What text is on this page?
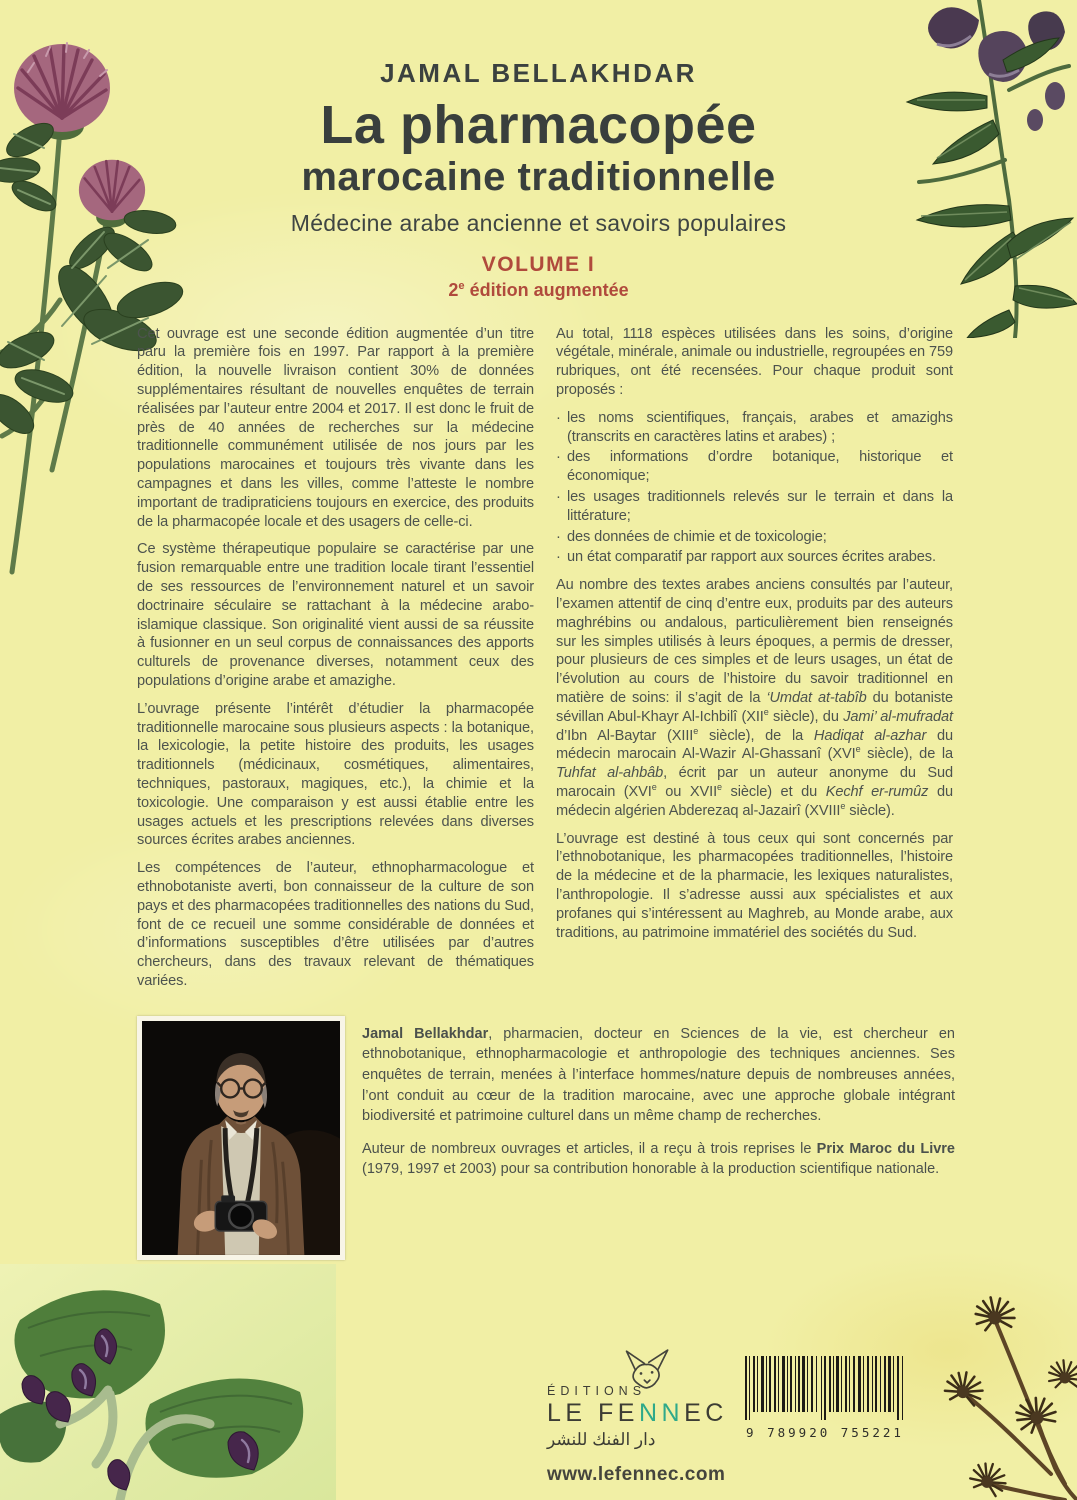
JAMAL BELLAKHDAR
La pharmacopée
marocaine traditionnelle
Médecine arabe ancienne et savoirs populaires
VOLUME I
2e édition augmentée

Cet ouvrage est une seconde édition augmentée d’un titre paru la première fois en 1997. Par rapport à la première édition, la nouvelle livraison contient 30% de données supplémentaires résultant de nouvelles enquêtes de terrain réalisées par l’auteur entre 2004 et 2017. Il est donc le fruit de près de 40 années de recherches sur la médecine traditionnelle communément utilisée de nos jours par les populations marocaines et toujours très vivante dans les campagnes et dans les villes, comme l’atteste le nombre important de tradipraticiens toujours en exercice, des produits de la pharmacopée locale et des usagers de celle-ci.

Ce système thérapeutique populaire se caractérise par une fusion remarquable entre une tradition locale tirant l’essentiel de ses ressources de l’environnement naturel et un savoir doctrinaire séculaire se rattachant à la médecine arabo-islamique classique. Son originalité vient aussi de sa réussite à fusionner en un seul corpus de connaissances des apports culturels de provenance diverses, notamment ceux des populations d’origine arabe et amazighe.

L’ouvrage présente l’intérêt d’étudier la pharmacopée traditionnelle marocaine sous plusieurs aspects : la botanique, la lexicologie, la petite histoire des produits, les usages traditionnels (médicinaux, cosmétiques, alimentaires, techniques, pastoraux, magiques, etc.), la chimie et la toxicologie. Une comparaison y est aussi établie entre les usages actuels et les prescriptions relevées dans diverses sources écrites arabes anciennes.

Les compétences de l’auteur, ethnopharmacologue et ethnobotaniste averti, bon connaisseur de la culture de son pays et des pharmacopées traditionnelles des nations du Sud, font de ce recueil une somme considérable de données et d’informations susceptibles d’être utilisées par d’autres chercheurs, dans des travaux relevant de thématiques variées.

Au total, 1118 espèces utilisées dans les soins, d’origine végétale, minérale, animale ou industrielle, regroupées en 759 rubriques, ont été recensées. Pour chaque produit sont proposés :

· les noms scientifiques, français, arabes et amazighs (transcrits en caractères latins et arabes) ;
· des informations d’ordre botanique, historique et économique;
· les usages traditionnels relevés sur le terrain et dans la littérature;
· des données de chimie et de toxicologie;
· un état comparatif par rapport aux sources écrites arabes.

Au nombre des textes arabes anciens consultés par l’auteur, l’examen attentif de cinq d’entre eux, produits par des auteurs maghrébins ou andalous, particulièrement bien renseignés sur les simples utilisés à leurs époques, a permis de dresser, pour plusieurs de ces simples et de leurs usages, un état de l’évolution au cours de l’histoire du savoir traditionnel en matière de soins: il s’agit de la ‘Umdat at-tabîb du botaniste sévillan Abul-Khayr Al-Ichbilî (XIIe siècle), du Jami’ al-mufradat d’Ibn Al-Baytar (XIIIe siècle), de la Hadiqat al-azhar du médecin marocain Al-Wazir Al-Ghassanî (XVIe siècle), de la Tuhfat al-ahbâb, écrit par un auteur anonyme du Sud marocain (XVIe ou XVIIe siècle) et du Kechf er-rumûz du médecin algérien Abderezaq al-Jazairî (XVIIIe siècle).

L’ouvrage est destiné à tous ceux qui sont concernés par l’ethnobotanique, les pharmacopées traditionnelles, l’histoire de la médecine et de la pharmacie, les lexiques naturalistes, l’anthropologie. Il s’adresse aussi aux spécialistes et aux profanes qui s’intéressent au Maghreb, au Monde arabe, aux traditions, au patrimoine immatériel des sociétés du Sud.

Jamal Bellakhdar, pharmacien, docteur en Sciences de la vie, est chercheur en ethnobotanique, ethnopharmacologie et anthropologie des techniques anciennes. Ses enquêtes de terrain, menées à l’interface hommes/nature depuis de nombreuses années, l’ont conduit au cœur de la tradition marocaine, avec une approche globale intégrant biodiversité et patrimoine culturel dans un même champ de recherches.

Auteur de nombreux ouvrages et articles, il a reçu à trois reprises le Prix Maroc du Livre (1979, 1997 et 2003) pour sa contribution honorable à la production scientifique nationale.

ÉDITIONS
LE FENNEC
دار الفنك للنشر
www.lefennec.com
9 789920 755221
